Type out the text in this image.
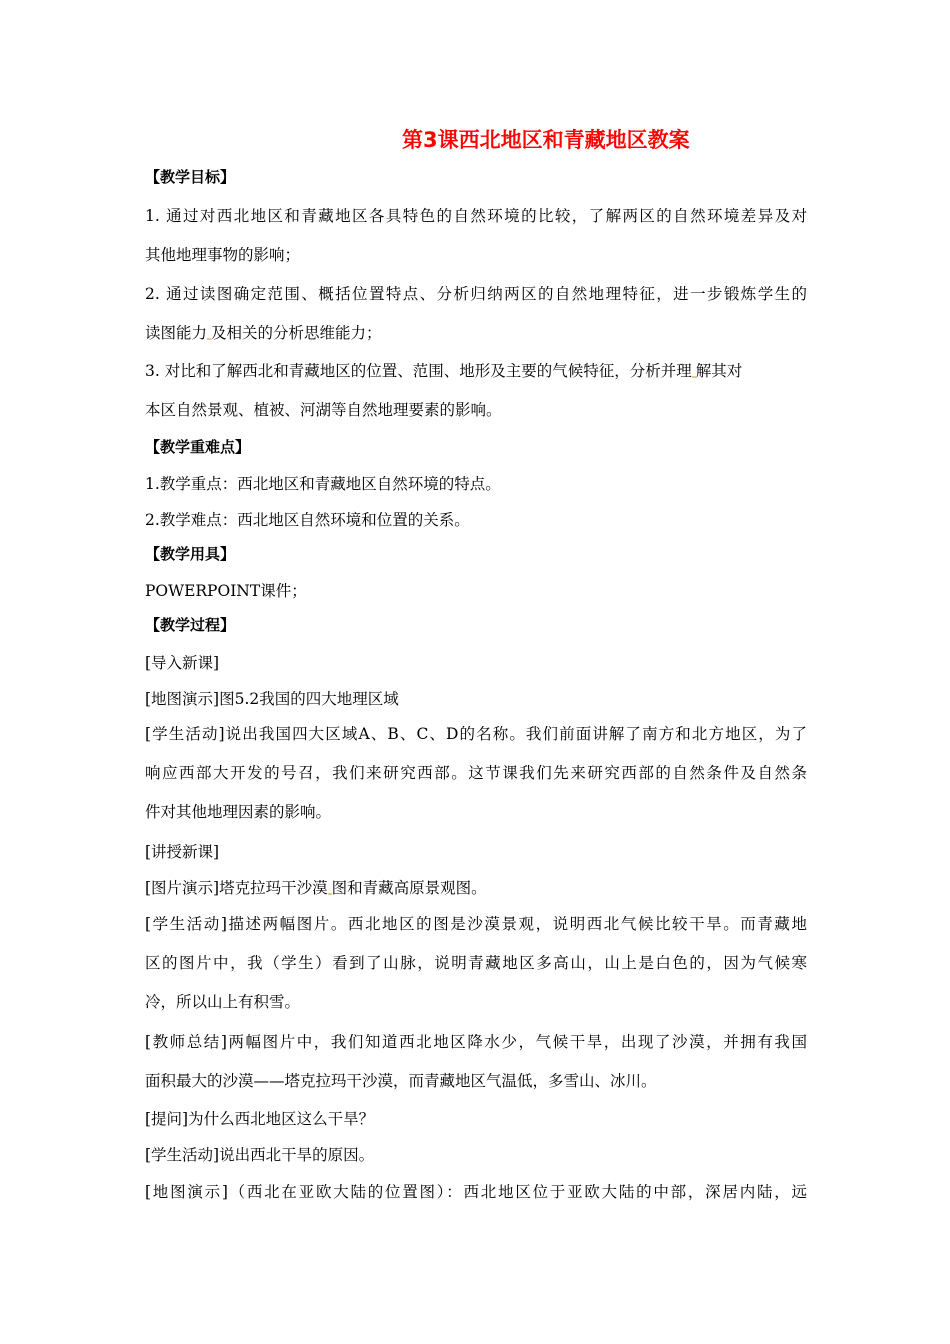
第3课西北地区和青藏地区教案
【教学目标】
1. 通过对西北地区和青藏地区各具特色的自然环境的比较，了解两区的自然环境差异及对
其他地理事物的影响；
2. 通过读图确定范围、概括位置特点、分析归纳两区的自然地理特征，进一步锻炼学生的
读图能力 及相关的分析思维能力；
3. 对比和了解西北和青藏地区的位置、范围、地形及主要的气候特征，分析并理 解其对
本区自然景观、植被、河湖等自然地理要素的影响。
【教学重难点】
1.教学重点：西北地区和青藏地区自然环境的特点。
2.教学难点：西北地区自然环境和位置的关系。
【教学用具】
POWERPOINT课件；
【教学过程】
[导入新课]
[地图演示]图5.2我国的四大地理区域
[学生活动]说出我国四大区域A、B、C、D的名称。我们前面讲解了南方和北方地区，为了
响应西部大开发的号召，我们来研究西部。这节课我们先来研究西部的自然条件及自然条
件对其他地理因素的影响。
[讲授新课]
[图片演示]塔克拉玛干沙漠 图和青藏高原景观图。
[学生活动]描述两幅图片。西北地区的图是沙漠景观，说明西北气候比较干旱。而青藏地
区的图片中，我（学生）看到了山脉，说明青藏地区多高山，山上是白色的，因为气候寒
冷，所以山上有积雪。
[教师总结]两幅图片中，我们知道西北地区降水少，气候干旱，出现了沙漠，并拥有我国
面积最大的沙漠——塔克拉玛干沙漠，而青藏地区气温低，多雪山、冰川。
[提问]为什么西北地区这么干旱？
[学生活动]说出西北干旱的原因。
[地图演示]（西北在亚欧大陆的位置图）：西北地区位于亚欧大陆的中部，深居内陆，远
